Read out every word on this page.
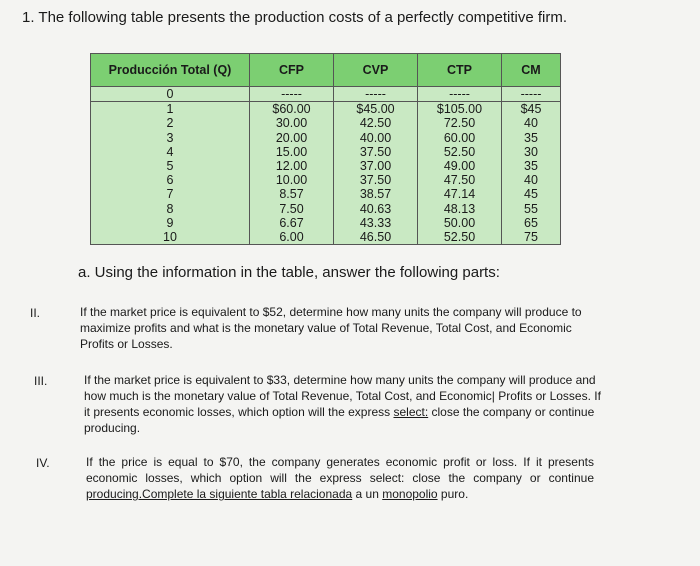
1. The following table presents the production costs of a perfectly competitive firm.
Producción Total (Q)	CFP	CVP	CTP	CM
0	-----	-----	-----	-----
1	$60.00	$45.00	$105.00	$45
2	30.00	42.50	72.50	40
3	20.00	40.00	60.00	35
4	15.00	37.50	52.50	30
5	12.00	37.00	49.00	35
6	10.00	37.50	47.50	40
7	8.57	38.57	47.14	45
8	7.50	40.63	48.13	55
9	6.67	43.33	50.00	65
10	6.00	46.50	52.50	75
a. Using the information in the table, answer the following parts:
II.	If the market price is equivalent to $52, determine how many units the company will produce to maximize profits and what is the monetary value of Total Revenue, Total Cost, and Economic Profits or Losses.
III.	If the market price is equivalent to $33, determine how many units the company will produce and how much is the monetary value of Total Revenue, Total Cost, and Economic| Profits or Losses. If it presents economic losses, which option will the express select: close the company or continue producing.
IV.	If the price is equal to $70, the company generates economic profit or loss. If it presents economic losses, which option will the express select: close the company or continue producing.Complete la siguiente tabla relacionada a un monopolio puro.
